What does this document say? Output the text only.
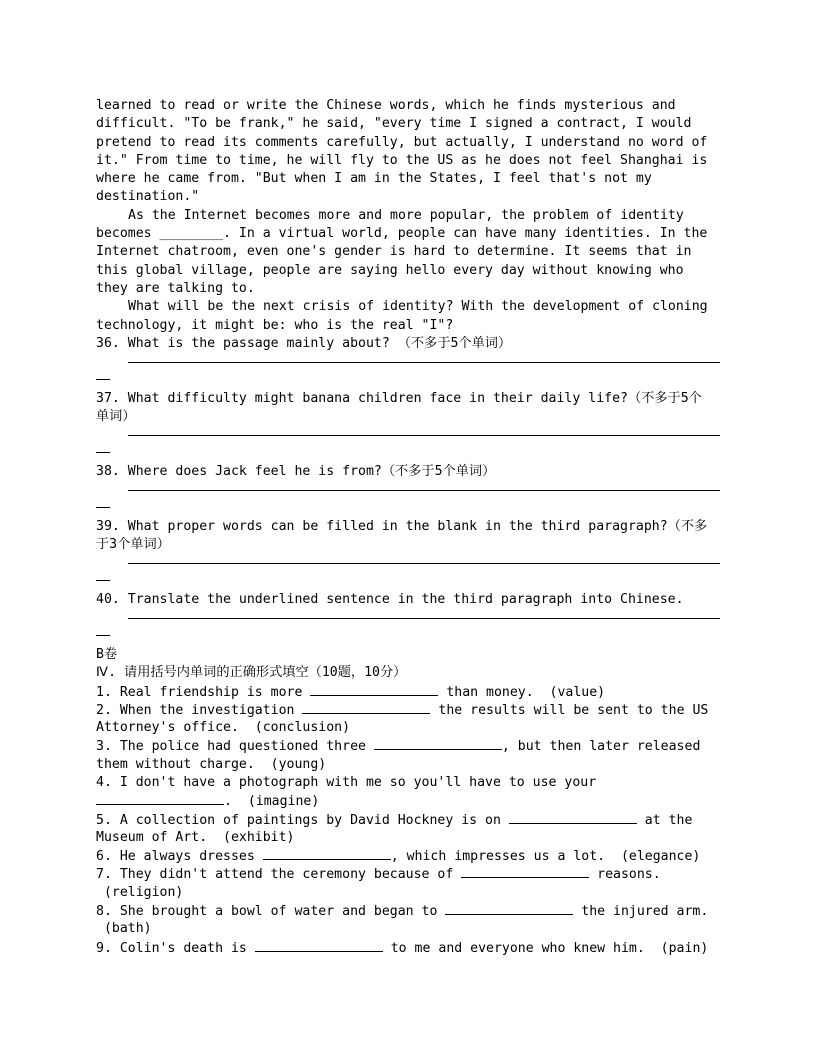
learned to read or write the Chinese words, which he finds mysterious and
difficult. "To be frank," he said, "every time I signed a contract, I would
pretend to read its comments carefully, but actually, I understand no word of
it." From time to time, he will fly to the US as he does not feel Shanghai is
where he came from. "But when I am in the States, I feel that's not my
destination."
As the Internet becomes more and more popular, the problem of identity
becomes ________. In a virtual world, people can have many identities. In the
Internet chatroom, even one's gender is hard to determine. It seems that in
this global village, people are saying hello every day without knowing who
they are talking to.
What will be the next crisis of identity? With the development of cloning
technology, it might be: who is the real "I"?
36. What is the passage mainly about? （不多于5个单词）
37. What difficulty might banana children face in their daily life?（不多于5个
单词）
38. Where does Jack feel he is from?（不多于5个单词）
39. What proper words can be filled in the blank in the third paragraph?（不多
于3个单词）
40. Translate the underlined sentence in the third paragraph into Chinese.
B卷
Ⅳ. 请用括号内单词的正确形式填空（10题，10分）
1. Real friendship is more	than money.  (value)
2. When the investigation	the results will be sent to the US
Attorney's office.  (conclusion)
3. The police had questioned three	, but then later released
them without charge.  (young)
4. I don't have a photograph with me so you'll have to use your
.  (imagine)
5. A collection of paintings by David Hockney is on	at the
Museum of Art.  (exhibit)
6. He always dresses	, which impresses us a lot.  (elegance)
7. They didn't attend the ceremony because of	reasons.
(religion)
8. She brought a bowl of water and began to	the injured arm.
(bath)
9. Colin's death is	to me and everyone who knew him.  (pain)
